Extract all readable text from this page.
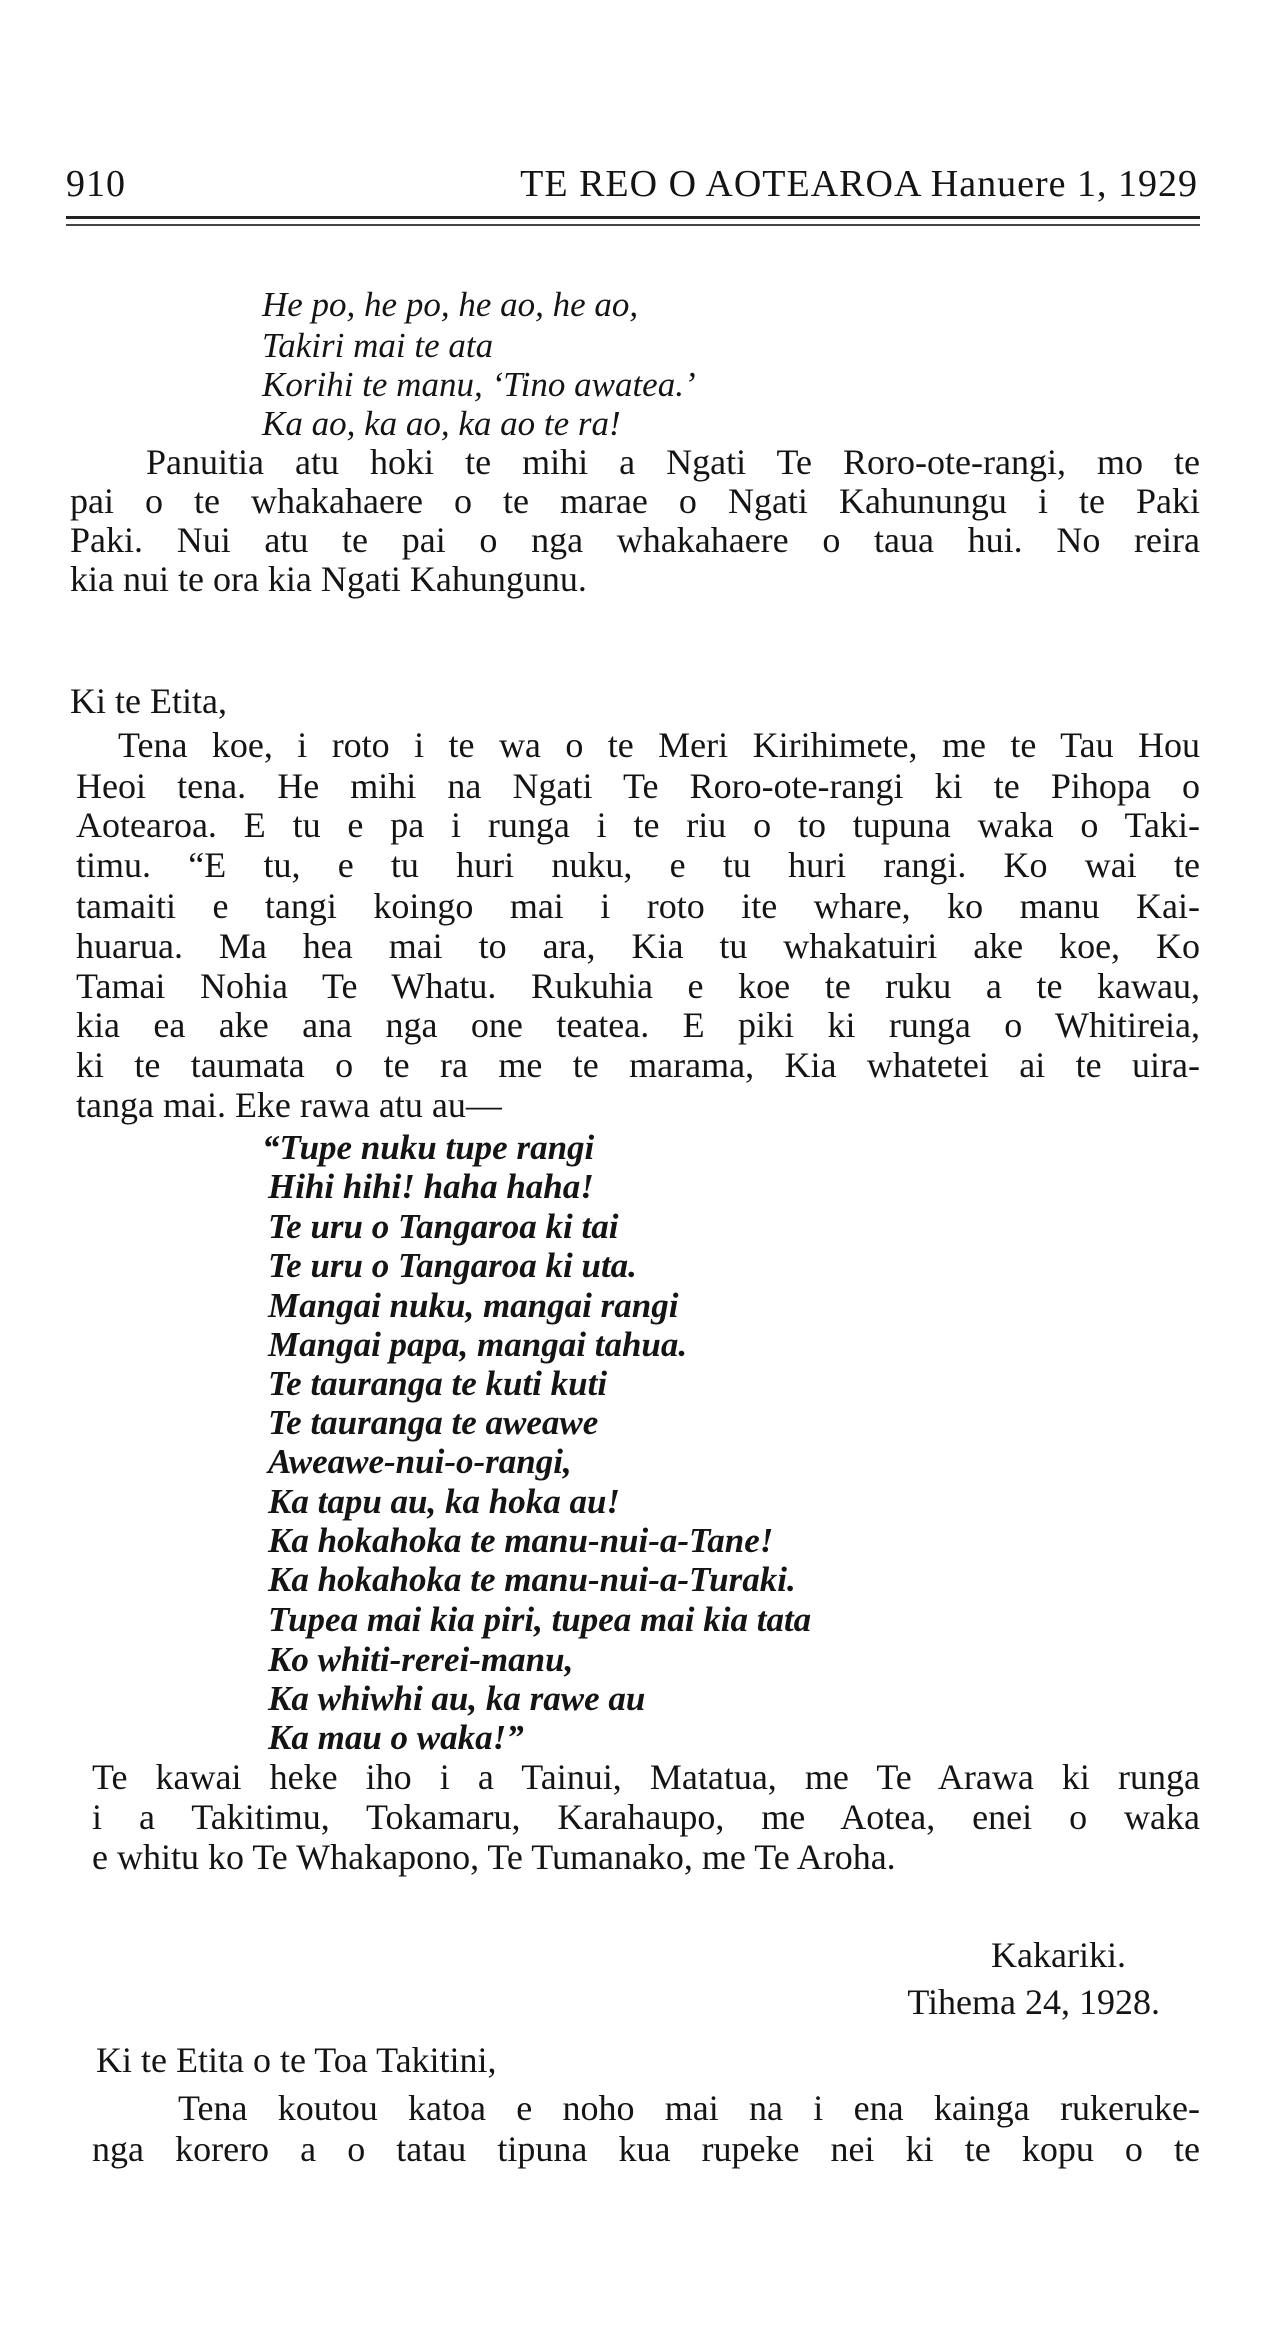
910	TE REO O AOTEAROA Hanuere 1, 1929
He po, he po, he ao, he ao,
Takiri mai te ata
Korihi te manu, ‘Tino awatea.’
Ka ao, ka ao, ka ao te ra!
Panuitia atu hoki te mihi a Ngati Te Roro-ote-rangi, mo te
pai o te whakahaere o te marae o Ngati Kahunungu i te Paki
Paki. Nui atu te pai o nga whakahaere o taua hui. No reira
kia nui te ora kia Ngati Kahungunu.
Ki te Etita,
Tena koe, i roto i te wa o te Meri Kirihimete, me te Tau Hou
Heoi tena. He mihi na Ngati Te Roro-ote-rangi ki te Pihopa o
Aotearoa. E tu e pa i runga i te riu o to tupuna waka o Taki-
timu. “E tu, e tu huri nuku, e tu huri rangi. Ko wai te
tamaiti e tangi koingo mai i roto ite whare, ko manu Kai-
huarua. Ma hea mai to ara, Kia tu whakatuiri ake koe, Ko
Tamai Nohia Te Whatu. Rukuhia e koe te ruku a te kawau,
kia ea ake ana nga one teatea. E piki ki runga o Whitireia,
ki te taumata o te ra me te marama, Kia whatetei ai te uira-
tanga mai. Eke rawa atu au—
“Tupe nuku tupe rangi
Hihi hihi! haha haha!
Te uru o Tangaroa ki tai
Te uru o Tangaroa ki uta.
Mangai nuku, mangai rangi
Mangai papa, mangai tahua.
Te tauranga te kuti kuti
Te tauranga te aweawe
Aweawe-nui-o-rangi,
Ka tapu au, ka hoka au!
Ka hokahoka te manu-nui-a-Tane!
Ka hokahoka te manu-nui-a-Turaki.
Tupea mai kia piri, tupea mai kia tata
Ko whiti-rerei-manu,
Ka whiwhi au, ka rawe au
Ka mau o waka!”
Te kawai heke iho i a Tainui, Matatua, me Te Arawa ki runga
i a Takitimu, Tokamaru, Karahaupo, me Aotea, enei o waka
e whitu ko Te Whakapono, Te Tumanako, me Te Aroha.
Kakariki.
Tihema 24, 1928.
Ki te Etita o te Toa Takitini,
Tena koutou katoa e noho mai na i ena kainga rukeruke-
nga korero a o tatau tipuna kua rupeke nei ki te kopu o te
